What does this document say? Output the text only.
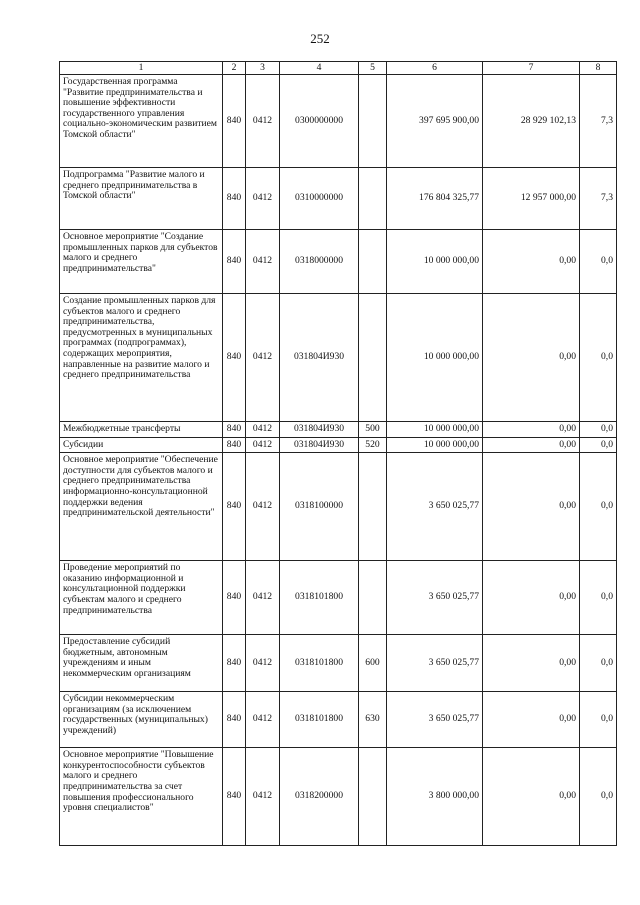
252
1	2	3	4	5	6	7	8
Государственная программа "Развитие предпринимательства и повышение эффективности государственного управления социально-экономическим развитием Томской области"	840	0412	0300000000		397 695 900,00	28 929 102,13	7,3
Подпрограмма "Развитие малого и среднего предпринимательства в Томской области"	840	0412	0310000000		176 804 325,77	12 957 000,00	7,3
Основное мероприятие "Создание промышленных парков для субъектов малого и среднего предпринимательства"	840	0412	0318000000		10 000 000,00	0,00	0,0
Создание промышленных парков для субъектов малого и среднего предпринимательства, предусмотренных в муниципальных программах (подпрограммах), содержащих мероприятия, направленные на развитие малого и среднего предпринимательства	840	0412	031804И930		10 000 000,00	0,00	0,0
Межбюджетные трансферты	840	0412	031804И930	500	10 000 000,00	0,00	0,0
Субсидии	840	0412	031804И930	520	10 000 000,00	0,00	0,0
Основное мероприятие "Обеспечение доступности для субъектов малого и среднего предпринимательства информационно-консультационной поддержки ведения предпринимательской деятельности"	840	0412	0318100000		3 650 025,77	0,00	0,0
Проведение мероприятий по оказанию информационной и консультационной поддержки субъектам малого и среднего предпринимательства	840	0412	0318101800		3 650 025,77	0,00	0,0
Предоставление субсидий бюджетным, автономным учреждениям и иным некоммерческим организациям	840	0412	0318101800	600	3 650 025,77	0,00	0,0
Субсидии некоммерческим организациям (за исключением государственных (муниципальных) учреждений)	840	0412	0318101800	630	3 650 025,77	0,00	0,0
Основное мероприятие "Повышение конкурентоспособности субъектов малого и среднего предпринимательства за счет повышения профессионального уровня специалистов"	840	0412	0318200000		3 800 000,00	0,00	0,0
